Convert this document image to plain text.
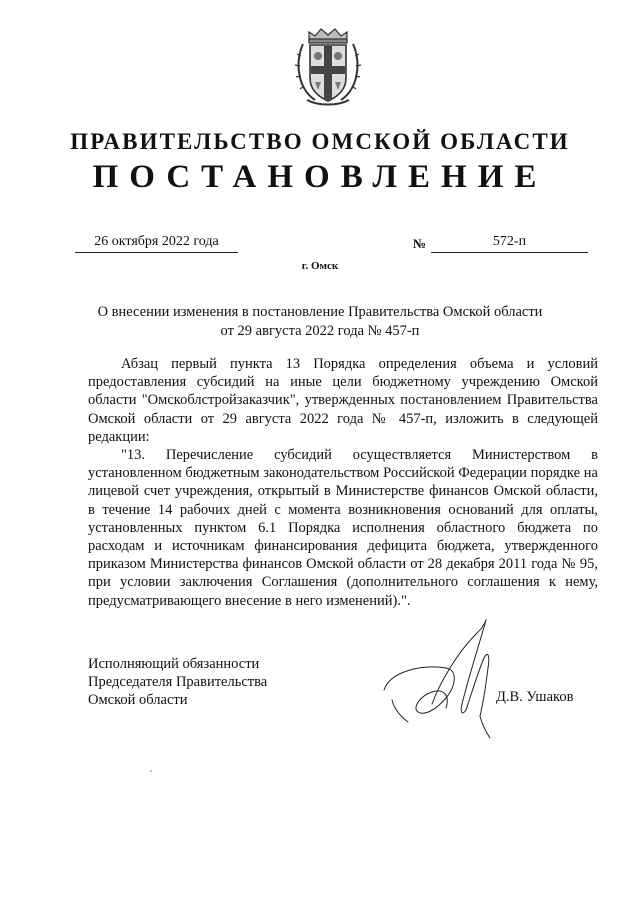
ПРАВИТЕЛЬСТВО ОМСКОЙ ОБЛАСТИ
ПОСТАНОВЛЕНИЕ
26 октября 2022 года	№	572-п
г. Омск
О внесении изменения в постановление Правительства Омской области
от 29 августа 2022 года № 457-п

Абзац первый пункта 13 Порядка определения объема и условий предоставления субсидий на иные цели бюджетному учреждению Омской области "Омскоблстройзаказчик", утвержденных постановлением Правительства Омской области от 29 августа 2022 года № 457-п, изложить в следующей редакции:

"13. Перечисление субсидий осуществляется Министерством в установленном бюджетным законодательством Российской Федерации порядке на лицевой счет учреждения, открытый в Министерстве финансов Омской области, в течение 14 рабочих дней с момента возникновения оснований для оплаты, установленных пунктом 6.1 Порядка исполнения областного бюджета по расходам и источникам финансирования дефицита бюджета, утвержденного приказом Министерства финансов Омской области от 28 декабря 2011 года № 95, при условии заключения Соглашения (дополнительного соглашения к нему, предусматривающего внесение в него изменений).".

Исполняющий обязанности
Председателя Правительства
Омской области	Д.В. Ушаков
